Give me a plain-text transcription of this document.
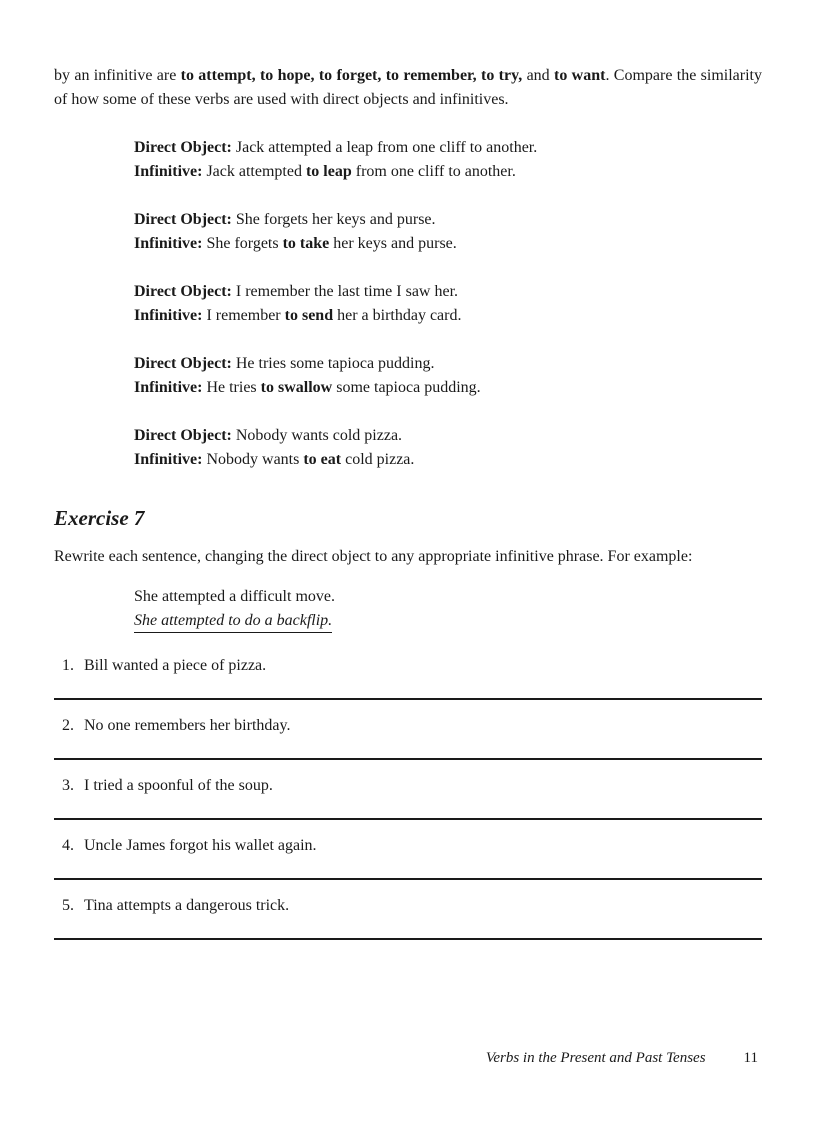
by an infinitive are to attempt, to hope, to forget, to remember, to try, and to want. Compare the similarity of how some of these verbs are used with direct objects and infinitives.
Direct Object: Jack attempted a leap from one cliff to another.
Infinitive: Jack attempted to leap from one cliff to another.
Direct Object: She forgets her keys and purse.
Infinitive: She forgets to take her keys and purse.
Direct Object: I remember the last time I saw her.
Infinitive: I remember to send her a birthday card.
Direct Object: He tries some tapioca pudding.
Infinitive: He tries to swallow some tapioca pudding.
Direct Object: Nobody wants cold pizza.
Infinitive: Nobody wants to eat cold pizza.
Exercise 7
Rewrite each sentence, changing the direct object to any appropriate infinitive phrase. For example:
She attempted a difficult move.
She attempted to do a backflip.
1. Bill wanted a piece of pizza.
2. No one remembers her birthday.
3. I tried a spoonful of the soup.
4. Uncle James forgot his wallet again.
5. Tina attempts a dangerous trick.
Verbs in the Present and Past Tenses	11
